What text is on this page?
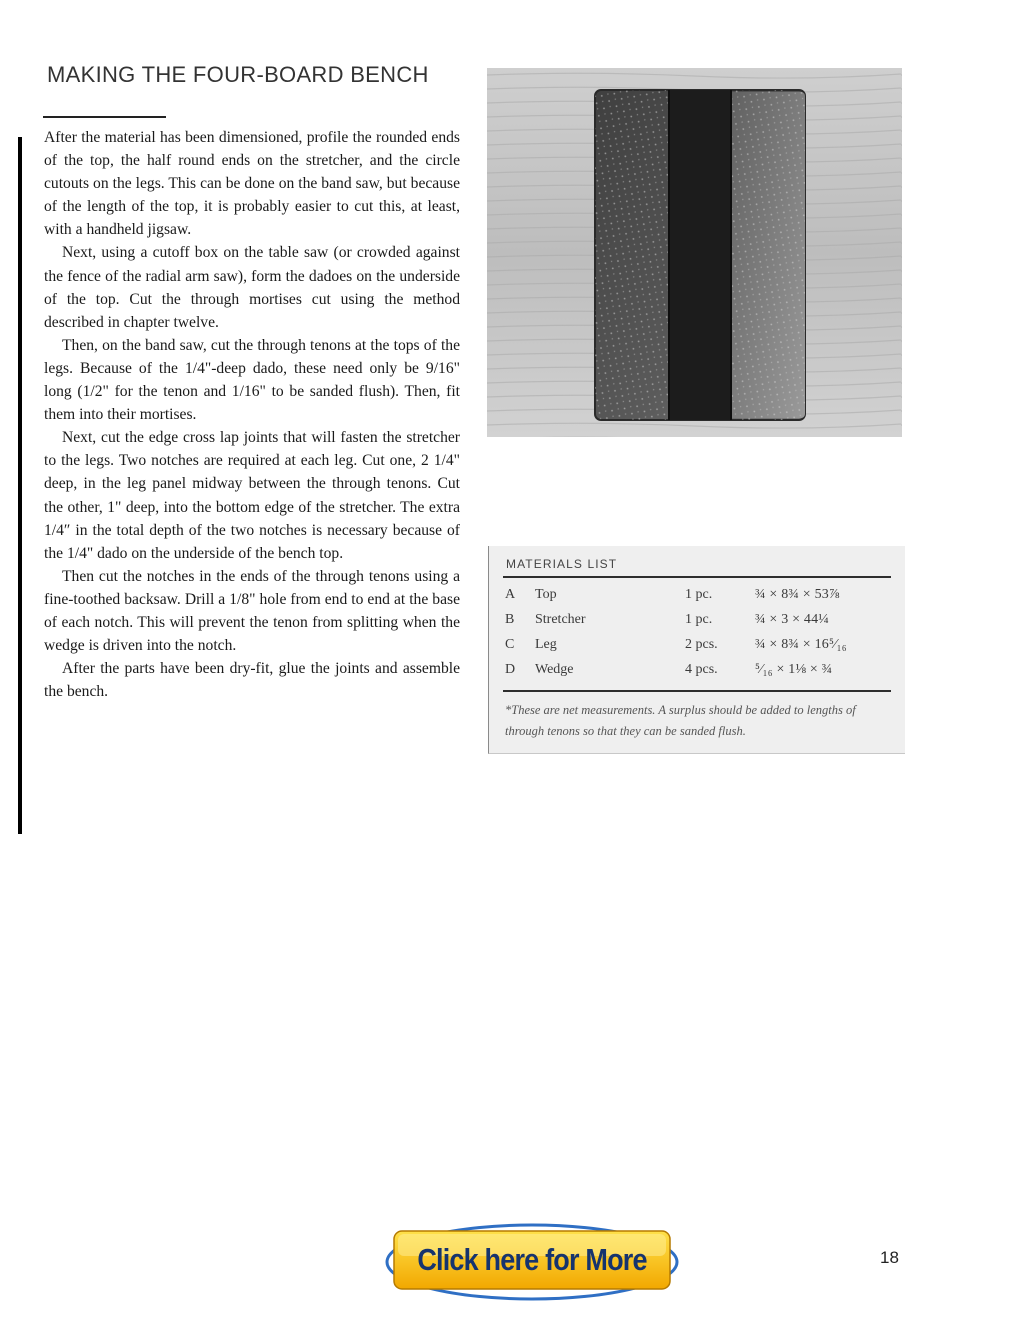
MAKING THE FOUR-BOARD BENCH

After the material has been dimensioned, profile the rounded ends of the top, the half round ends on the stretcher, and the circle cutouts on the legs. This can be done on the band saw, but because of the length of the top, it is probably easier to cut this, at least, with a handheld jigsaw.

Next, using a cutoff box on the table saw (or crowded against the fence of the radial arm saw), form the dadoes on the underside of the top. Cut the through mortises cut using the method described in chapter twelve.

Then, on the band saw, cut the through tenons at the tops of the legs. Because of the 1/4"-deep dado, these need only be 9/16" long (1/2" for the tenon and 1/16" to be sanded flush). Then, fit them into their mortises.

Next, cut the edge cross lap joints that will fasten the stretcher to the legs. Two notches are required at each leg. Cut one, 2 1/4" deep, in the leg panel midway between the through tenons. Cut the other, 1" deep, into the bottom edge of the stretcher. The extra 1/4″ in the total depth of the two notches is necessary because of the 1/4" dado on the underside of the bench top.

Then cut the notches in the ends of the through tenons using a fine-toothed backsaw. Drill a 1/8" hole from end to end at the base of each notch. This will prevent the tenon from splitting when the wedge is driven into the notch.

After the parts have been dry-fit, glue the joints and assemble the bench.

MATERIALS LIST
A Top	1 pc.	¾ × 8¾ × 53⅞
B Stretcher	1 pc.	¾ × 3 × 44¼
C Leg	2 pcs.	¾ × 8¾ × 16⁵⁄₁₆
D Wedge	4 pcs.	⁵⁄₁₆ × 1⅛ × ¾
*These are net measurements. A surplus should be added to lengths of through tenons so that they can be sanded flush.
Click here for More	18
